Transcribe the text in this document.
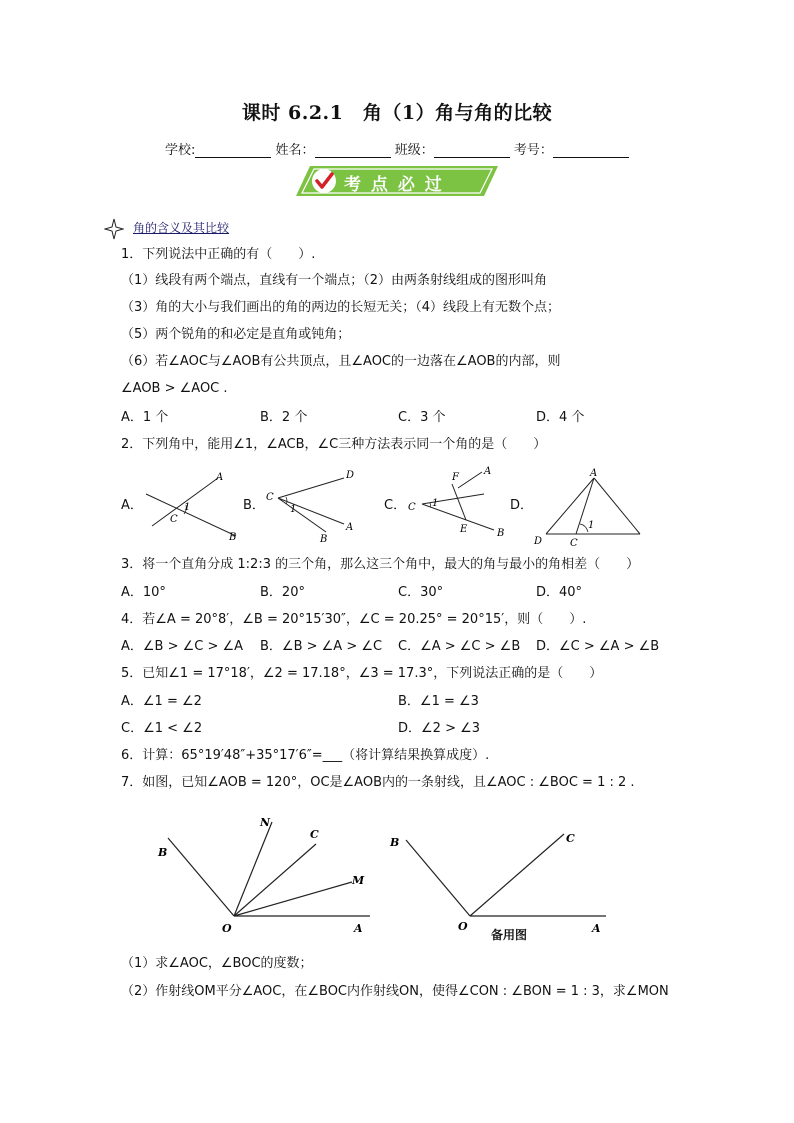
课时 6.2.1　角（1）角与角的比较
学校:	姓名：	班级：	考号：
考 点 必 过
角的含义及其比较
1．下列说法中正确的有（　　）.
（1）线段有两个端点，直线有一个端点；（2）由两条射线组成的图形叫角
（3）角的大小与我们画出的角的两边的长短无关；（4）线段上有无数个点；
（5）两个锐角的和必定是直角或钝角；
（6）若∠AOC与∠AOB有公共顶点，且∠AOC的一边落在∠AOB的内部，则
∠AOB > ∠AOC .
A．1 个	B．2 个	C．3 个	D．4 个
2．下列角中，能用∠1，∠ACB，∠C三种方法表示同一个角的是（　　）
A．	B．	C．	D．
A
1
C
B
D
C
1
A
B
F
A
C 1
E	B
A
1
D	C
3．将一个直角分成 1:2:3 的三个角，那么这三个角中，最大的角与最小的角相差（　　）
A．10°	B．20°	C．30°	D．40°
4．若∠A = 20°8′，∠B = 20°15′30″，∠C = 20.25° = 20°15′，则（　　）.
A．∠B > ∠C > ∠A B．∠B > ∠A > ∠C C．∠A > ∠C > ∠B D．∠C > ∠A > ∠B
5．已知∠1 = 17°18′，∠2 = 17.18°，∠3 = 17.3°，下列说法正确的是（　　）
A．∠1 = ∠2	B．∠1 = ∠3
C．∠1 < ∠2	D．∠2 > ∠3
6．计算：65°19′48″+35°17′6″=___（将计算结果换算成度）.
7．如图，已知∠AOB = 120°，OC是∠AOB内的一条射线，且∠AOC : ∠BOC = 1 : 2 .
B
N
C
M
O	A
B	C
O	A
备用图
（1）求∠AOC，∠BOC的度数；
（2）作射线OM平分∠AOC，在∠BOC内作射线ON，使得∠CON : ∠BON = 1 : 3，求∠MON
